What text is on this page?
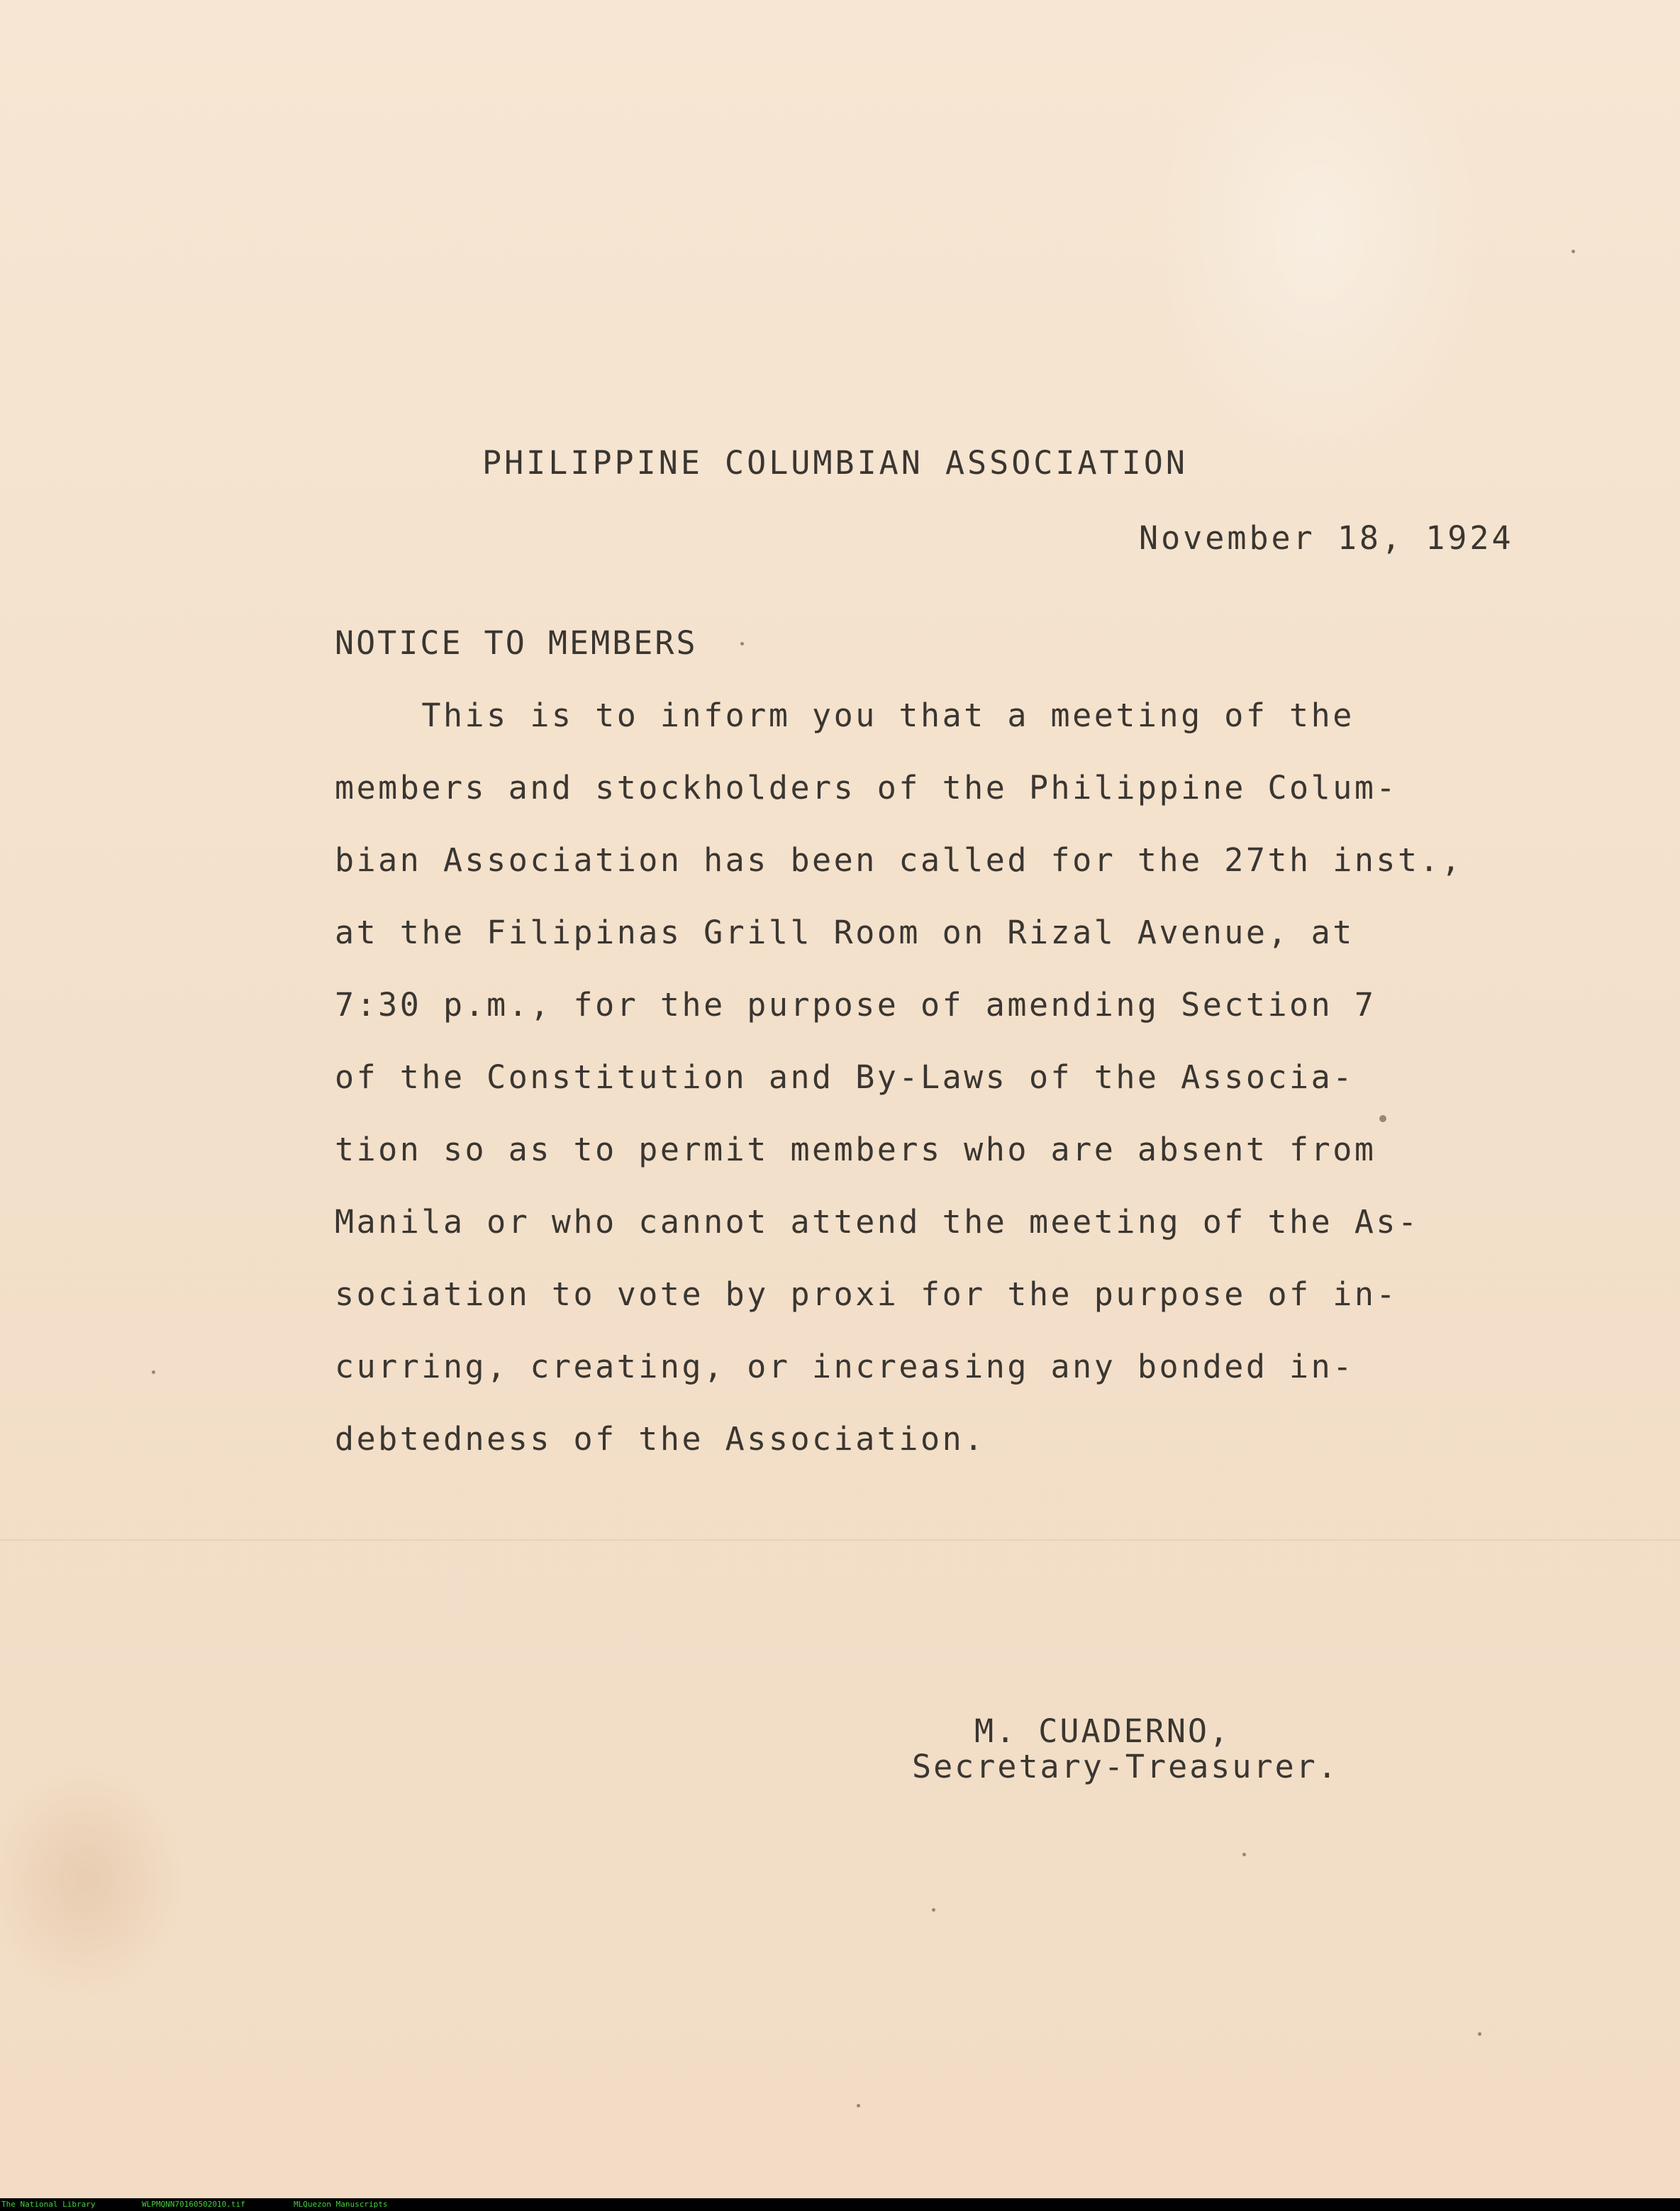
PHILIPPINE COLUMBIAN ASSOCIATION
November 18, 1924
NOTICE TO MEMBERS
This is to inform you that a meeting of the
members and stockholders of the Philippine Colum-
bian Association has been called for the 27th inst.,
at the Filipinas Grill Room on Rizal Avenue, at
7:30 p.m., for the purpose of amending Section 7
of the Constitution and By-Laws of the Associa-
tion so as to permit members who are absent from
Manila or who cannot attend the meeting of the As-
sociation to vote by proxi for the purpose of in-
curring, creating, or increasing any bonded in-
debtedness of the Association.
M. CUADERNO,
Secretary-Treasurer.
The National Library	WLPMQNN70160502010.tif	MLQuezon Manuscripts
